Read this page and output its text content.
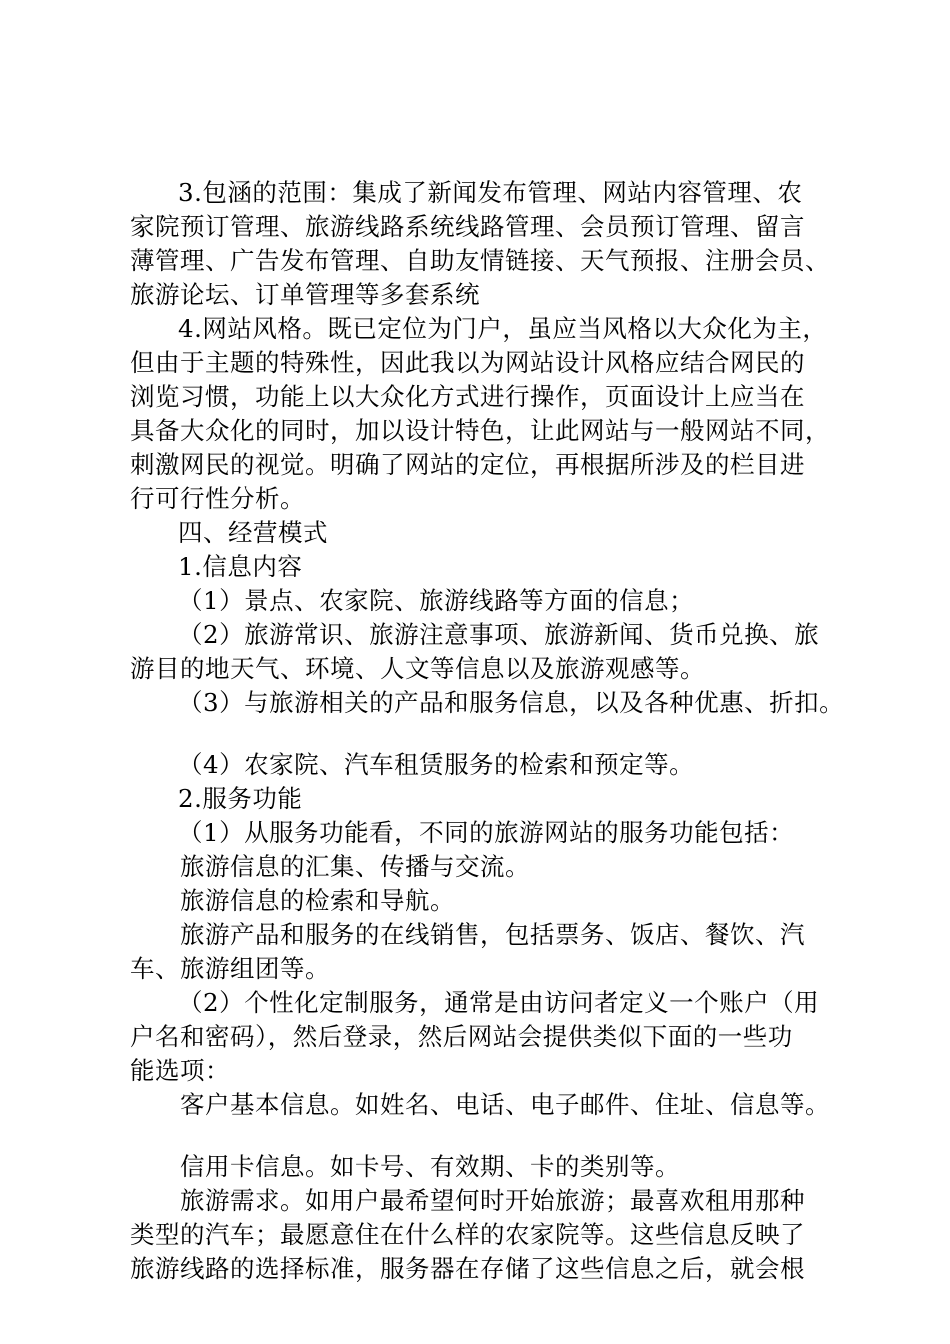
3.包涵的范围：集成了新闻发布管理、网站内容管理、农
家院预订管理、旅游线路系统线路管理、会员预订管理、留言
薄管理、广告发布管理、自助友情链接、天气预报、注册会员、
旅游论坛、订单管理等多套系统
4.网站风格。既已定位为门户，虽应当风格以大众化为主，
但由于主题的特殊性，因此我以为网站设计风格应结合网民的
浏览习惯，功能上以大众化方式进行操作，页面设计上应当在
具备大众化的同时，加以设计特色，让此网站与一般网站不同，
刺激网民的视觉。明确了网站的定位，再根据所涉及的栏目进
行可行性分析。
四、经营模式
1.信息内容
（1）景点、农家院、旅游线路等方面的信息；
（2）旅游常识、旅游注意事项、旅游新闻、货币兑换、旅
游目的地天气、环境、人文等信息以及旅游观感等。
（3）与旅游相关的产品和服务信息，以及各种优惠、折扣。
（4）农家院、汽车租赁服务的检索和预定等。
2.服务功能
（1）从服务功能看，不同的旅游网站的服务功能包括：
旅游信息的汇集、传播与交流。
旅游信息的检索和导航。
旅游产品和服务的在线销售，包括票务、饭店、餐饮、汽
车、旅游组团等。
（2）个性化定制服务，通常是由访问者定义一个账户（用
户名和密码），然后登录，然后网站会提供类似下面的一些功
能选项：
客户基本信息。如姓名、电话、电子邮件、住址、信息等。
信用卡信息。如卡号、有效期、卡的类别等。
旅游需求。如用户最希望何时开始旅游；最喜欢租用那种
类型的汽车；最愿意住在什么样的农家院等。这些信息反映了
旅游线路的选择标准，服务器在存储了这些信息之后，就会根
